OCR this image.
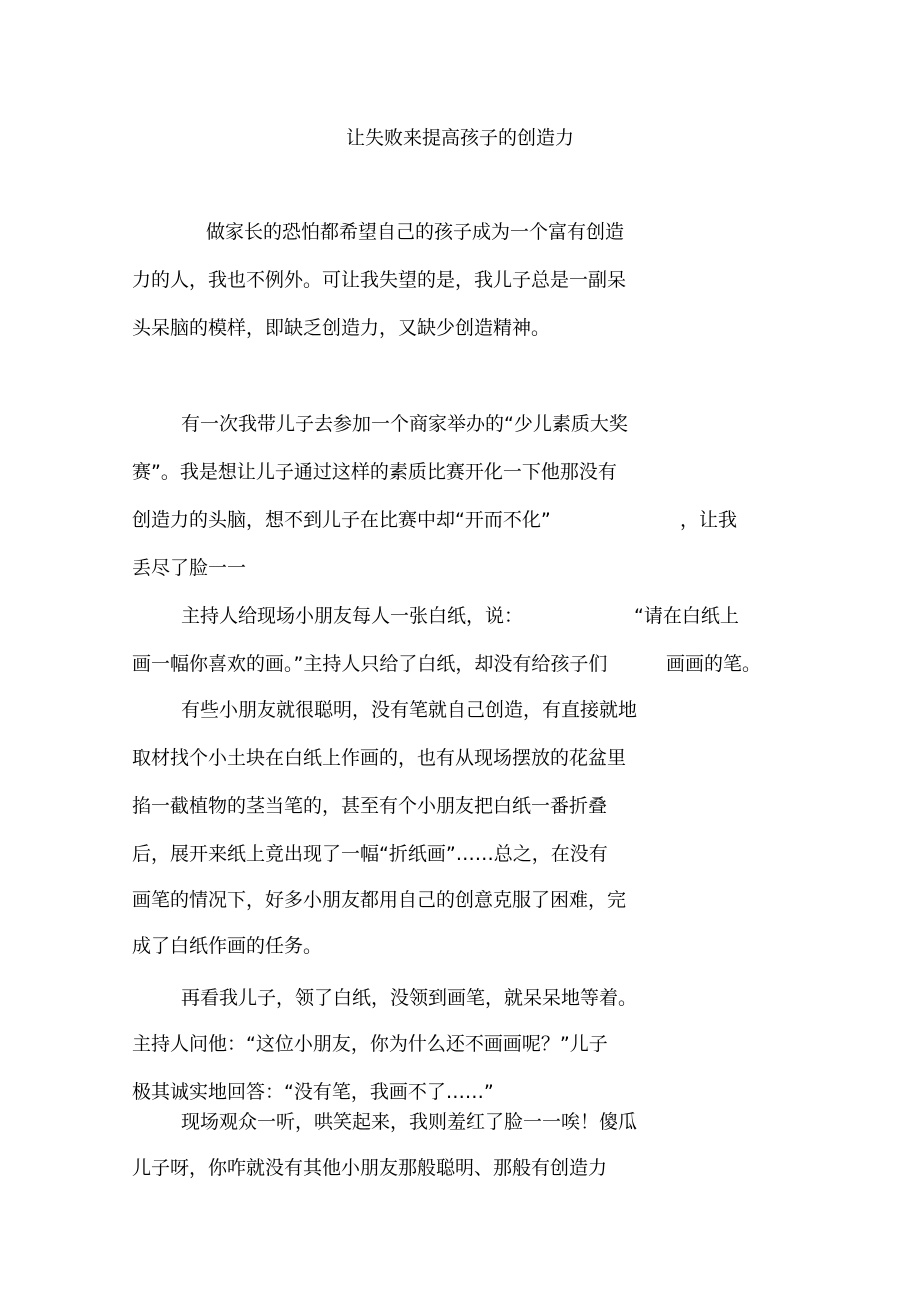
让失败来提高孩子的创造力
做家长的恐怕都希望自己的孩子成为一个富有创造
力的人，我也不例外。可让我失望的是，我儿子总是一副呆
头呆脑的模样，即缺乏创造力，又缺少创造精神。
有一次我带儿子去参加一个商家举办的“少儿素质大奖
赛”。我是想让儿子通过这样的素质比赛开化一下他那没有
创造力的头脑，想不到儿子在比赛中却“开而不化”	，让我
丢尽了脸一一
主持人给现场小朋友每人一张白纸，说：	“请在白纸上
画一幅你喜欢的画。”主持人只给了白纸，却没有给孩子们	画画的笔。
有些小朋友就很聪明，没有笔就自己创造，有直接就地
取材找个小土块在白纸上作画的，也有从现场摆放的花盆里
掐一截植物的茎当笔的，甚至有个小朋友把白纸一番折叠
后，展开来纸上竟出现了一幅“折纸画”……总之，在没有
画笔的情况下，好多小朋友都用自己的创意克服了困难，完
成了白纸作画的任务。
再看我儿子，领了白纸，没领到画笔，就呆呆地等着。
主持人问他：“这位小朋友，你为什么还不画画呢？”儿子
极其诚实地回答：“没有笔，我画不了……”
现场观众一听，哄笑起来，我则羞红了脸一一唉！傻瓜
儿子呀，你咋就没有其他小朋友那般聪明、那般有创造力
